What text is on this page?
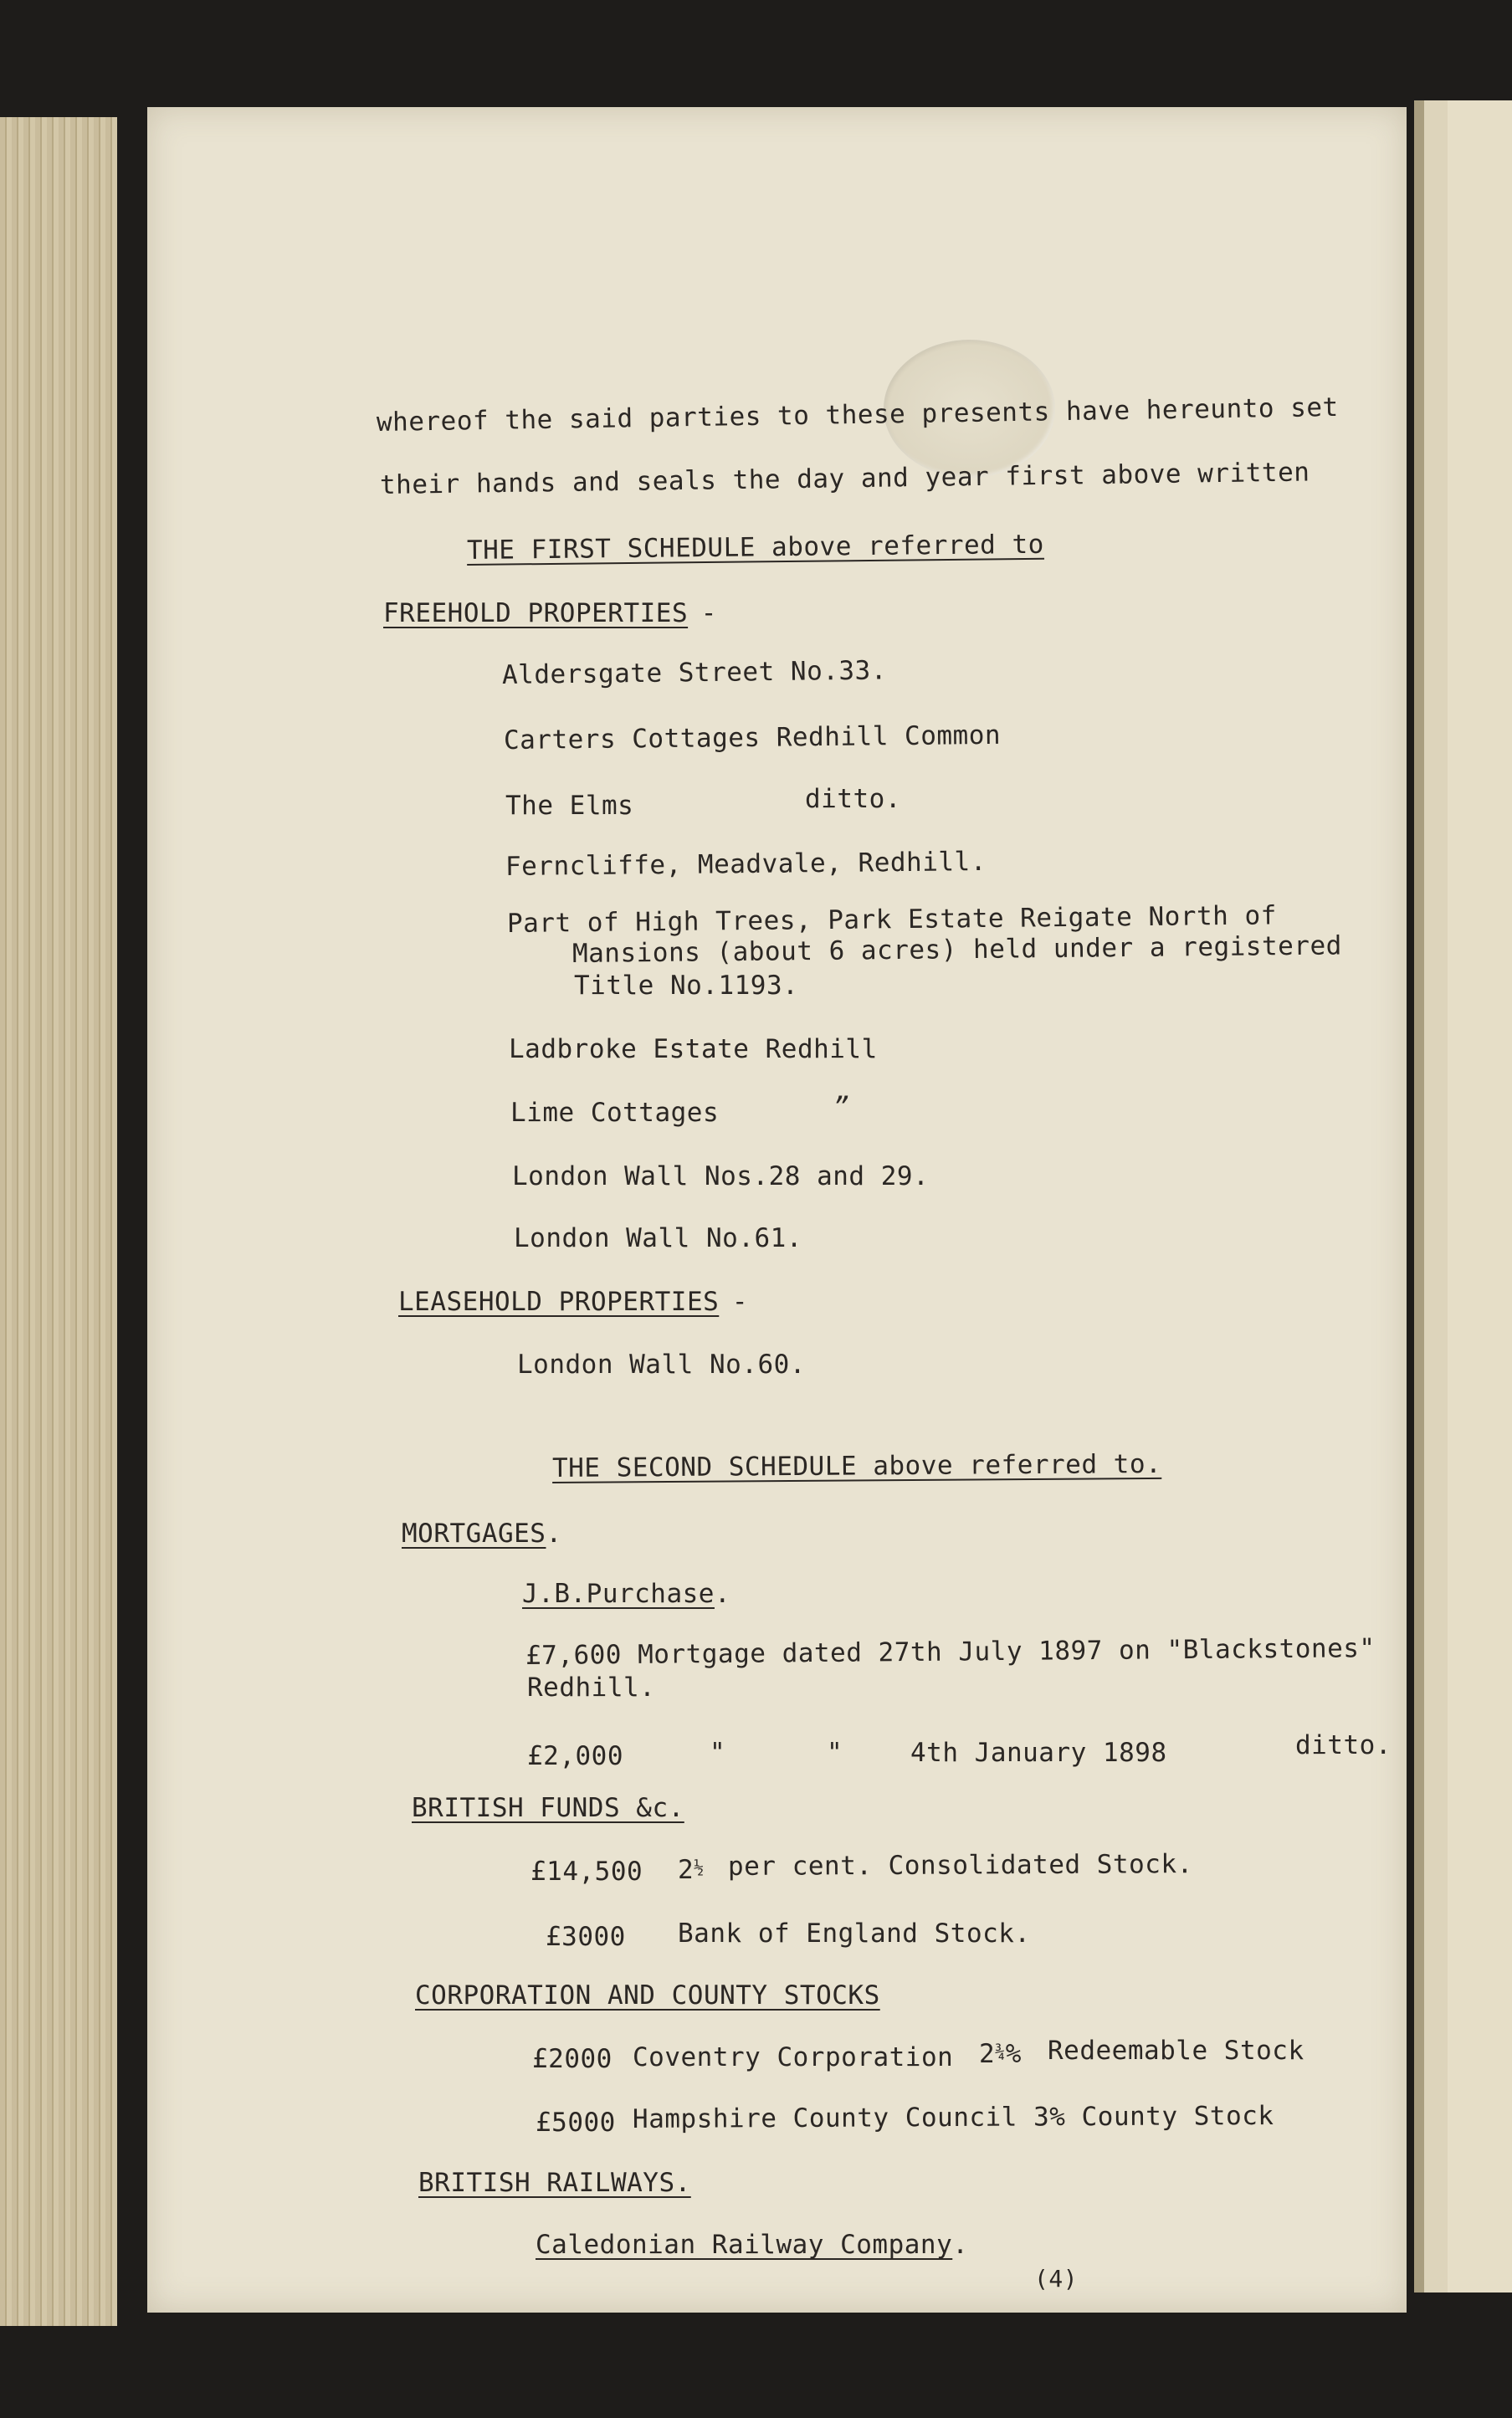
whereof the said parties to these presents have hereunto set
their hands and seals the day and year first above written
THE FIRST SCHEDULE above referred to
FREEHOLD PROPERTIES -
Aldersgate Street No.33.
Carters Cottages Redhill Common
The Elms	ditto.
Ferncliffe, Meadvale, Redhill.
Part of High Trees, Park Estate Reigate North of
Mansions (about 6 acres) held under a registered
Title No.1193.
Ladbroke Estate Redhill
Lime Cottages	”
London Wall Nos.28 and 29.
London Wall No.61.
LEASEHOLD PROPERTIES -
London Wall No.60.
THE SECOND SCHEDULE above referred to.
MORTGAGES.
J.B.Purchase.
£7,600 Mortgage dated 27th July 1897 on "Blackstones"
Redhill.
£2,000	"	"	4th January 1898	ditto.
BRITISH FUNDS &c.
£14,500 2½ per cent. Consolidated Stock.
£3000 Bank of England Stock.
CORPORATION AND COUNTY STOCKS
£2000 Coventry Corporation 2¾% Redeemable Stock
£5000 Hampshire County Council 3% County Stock
BRITISH RAILWAYS.
Caledonian Railway Company.
(4)
